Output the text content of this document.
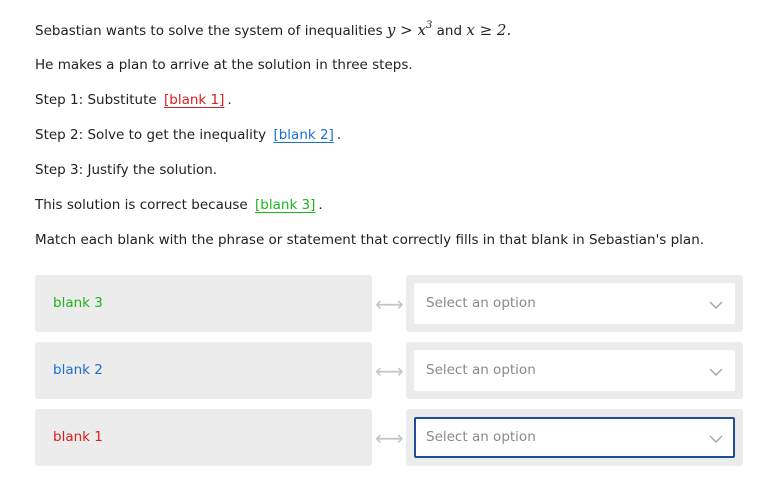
Sebastian wants to solve the system of inequalities $y > x^3$ and x ≥ 2.
He makes a plan to arrive at the solution in three steps.
Step 1: Substitute [blank 1] .
Step 2: Solve to get the inequality [blank 2] .
Step 3: Justify the solution.
This solution is correct because [blank 3] .
Match each blank with the phrase or statement that correctly fills in that blank in Sebastian's plan.
blank 3	⟷ Select an option
blank 2	⟷ Select an option
blank 1	⟷ Select an option
